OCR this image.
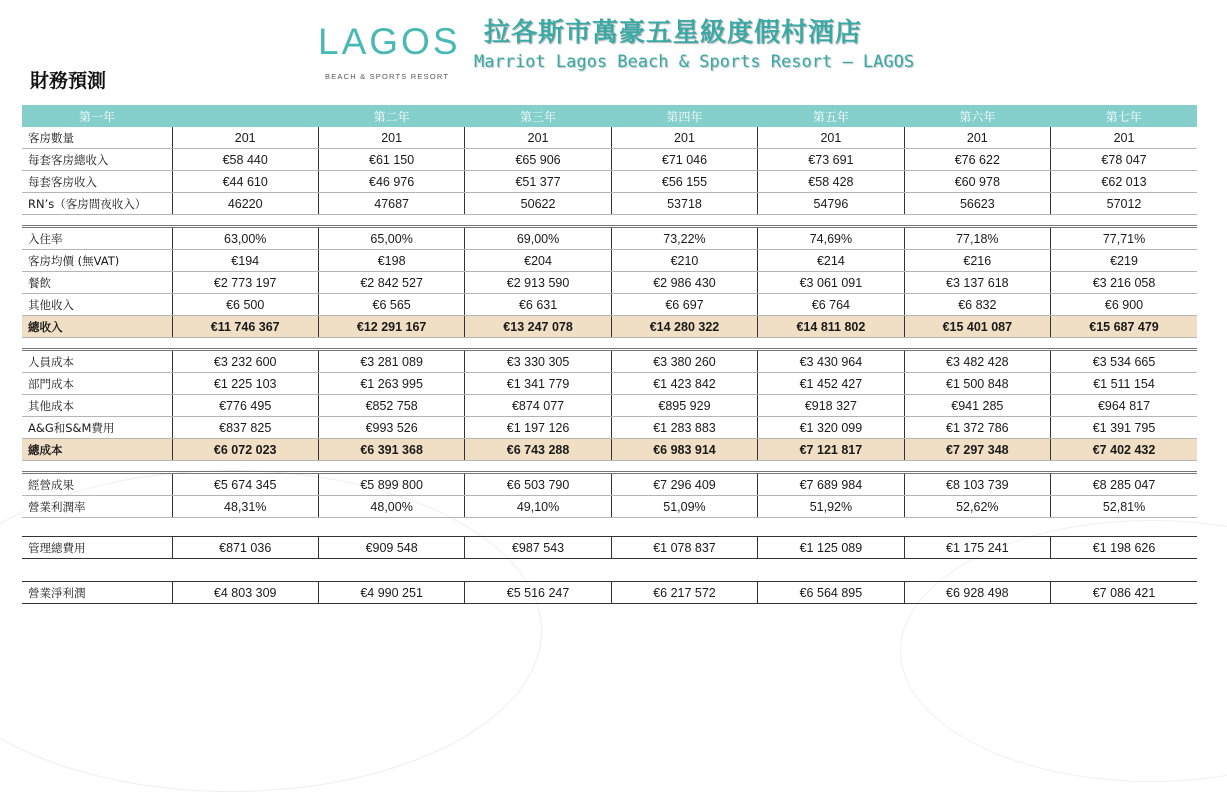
LAGOS
BEACH & SPORTS RESORT
拉各斯市萬豪五星級度假村酒店
Marriot Lagos Beach & Sports Resort – LAGOS
財務預測
第一年		第二年	第三年	第四年	第五年	第六年	第七年
客房數量	201	201	201	201	201	201	201
每套客房總收入	€58 440	€61 150	€65 906	€71 046	€73 691	€76 622	€78 047
每套客房收入	€44 610	€46 976	€51 377	€56 155	€58 428	€60 978	€62 013
RN’s（客房間夜收入）	46220	47687	50622	53718	54796	56623	57012

入住率	63,00%	65,00%	69,00%	73,22%	74,69%	77,18%	77,71%
客房均價 (無VAT)	€194	€198	€204	€210	€214	€216	€219
餐飲	€2 773 197	€2 842 527	€2 913 590	€2 986 430	€3 061 091	€3 137 618	€3 216 058
其他收入	€6 500	€6 565	€6 631	€6 697	€6 764	€6 832	€6 900
總收入	€11 746 367	€12 291 167	€13 247 078	€14 280 322	€14 811 802	€15 401 087	€15 687 479

人員成本	€3 232 600	€3 281 089	€3 330 305	€3 380 260	€3 430 964	€3 482 428	€3 534 665
部門成本	€1 225 103	€1 263 995	€1 341 779	€1 423 842	€1 452 427	€1 500 848	€1 511 154
其他成本	€776 495	€852 758	€874 077	€895 929	€918 327	€941 285	€964 817
A&G和S&M費用	€837 825	€993 526	€1 197 126	€1 283 883	€1 320 099	€1 372 786	€1 391 795
總成本	€6 072 023	€6 391 368	€6 743 288	€6 983 914	€7 121 817	€7 297 348	€7 402 432

經營成果	€5 674 345	€5 899 800	€6 503 790	€7 296 409	€7 689 984	€8 103 739	€8 285 047
營業利潤率	48,31%	48,00%	49,10%	51,09%	51,92%	52,62%	52,81%

管理總費用	€871 036	€909 548	€987 543	€1 078 837	€1 125 089	€1 175 241	€1 198 626

營業淨利潤	€4 803 309	€4 990 251	€5 516 247	€6 217 572	€6 564 895	€6 928 498	€7 086 421
